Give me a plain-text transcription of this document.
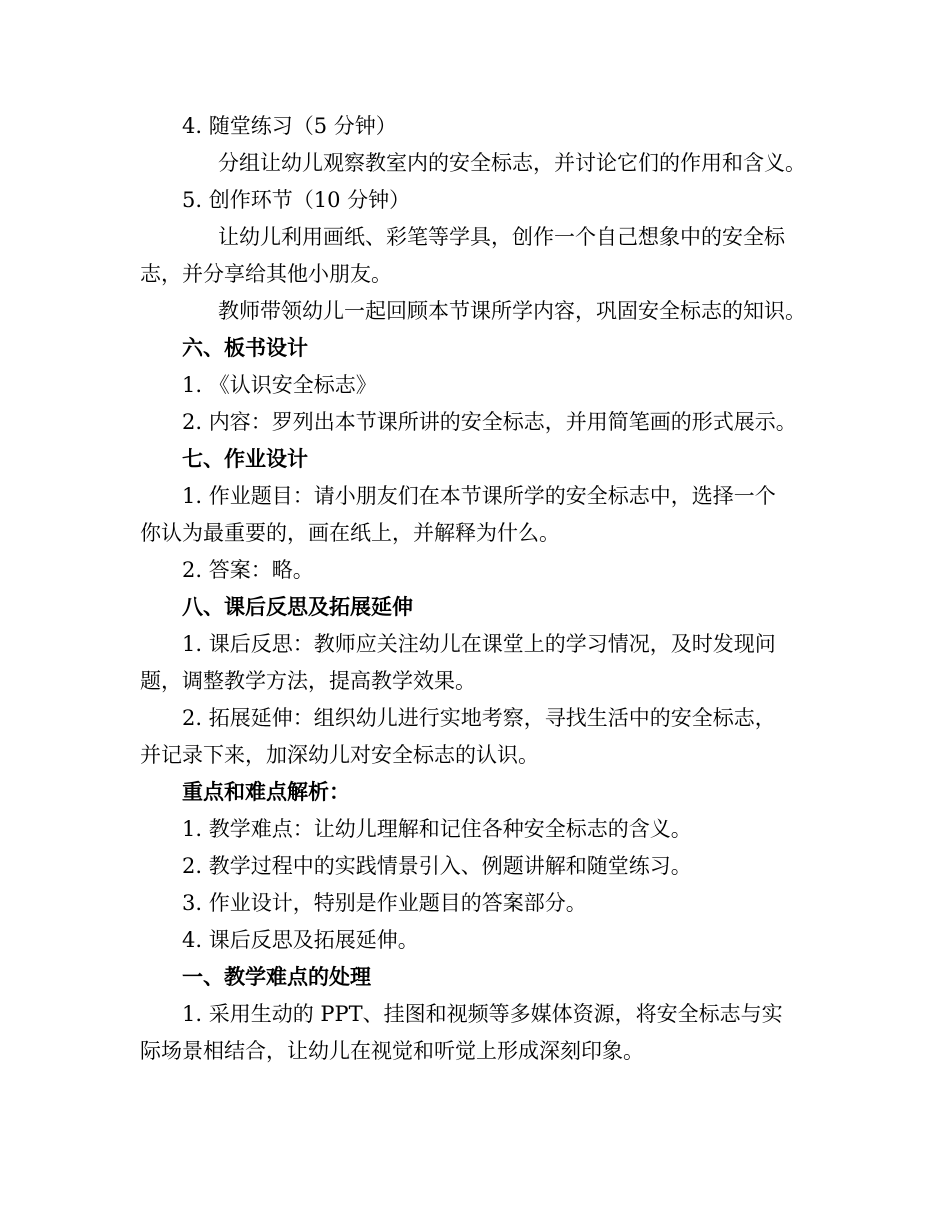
4. 随堂练习（5 分钟）
分组让幼儿观察教室内的安全标志，并讨论它们的作用和含义。
5. 创作环节（10 分钟）
让幼儿利用画纸、彩笔等学具，创作一个自己想象中的安全标
志，并分享给其他小朋友。
教师带领幼儿一起回顾本节课所学内容，巩固安全标志的知识。
六、板书设计
1. 《认识安全标志》
2. 内容：罗列出本节课所讲的安全标志，并用简笔画的形式展示。
七、作业设计
1. 作业题目：请小朋友们在本节课所学的安全标志中，选择一个
你认为最重要的，画在纸上，并解释为什么。
2. 答案：略。
八、课后反思及拓展延伸
1. 课后反思：教师应关注幼儿在课堂上的学习情况，及时发现问
题，调整教学方法，提高教学效果。
2. 拓展延伸：组织幼儿进行实地考察，寻找生活中的安全标志，
并记录下来，加深幼儿对安全标志的认识。
重点和难点解析：
1. 教学难点：让幼儿理解和记住各种安全标志的含义。
2. 教学过程中的实践情景引入、例题讲解和随堂练习。
3. 作业设计，特别是作业题目的答案部分。
4. 课后反思及拓展延伸。
一、教学难点的处理
1. 采用生动的 PPT、挂图和视频等多媒体资源，将安全标志与实
际场景相结合，让幼儿在视觉和听觉上形成深刻印象。
